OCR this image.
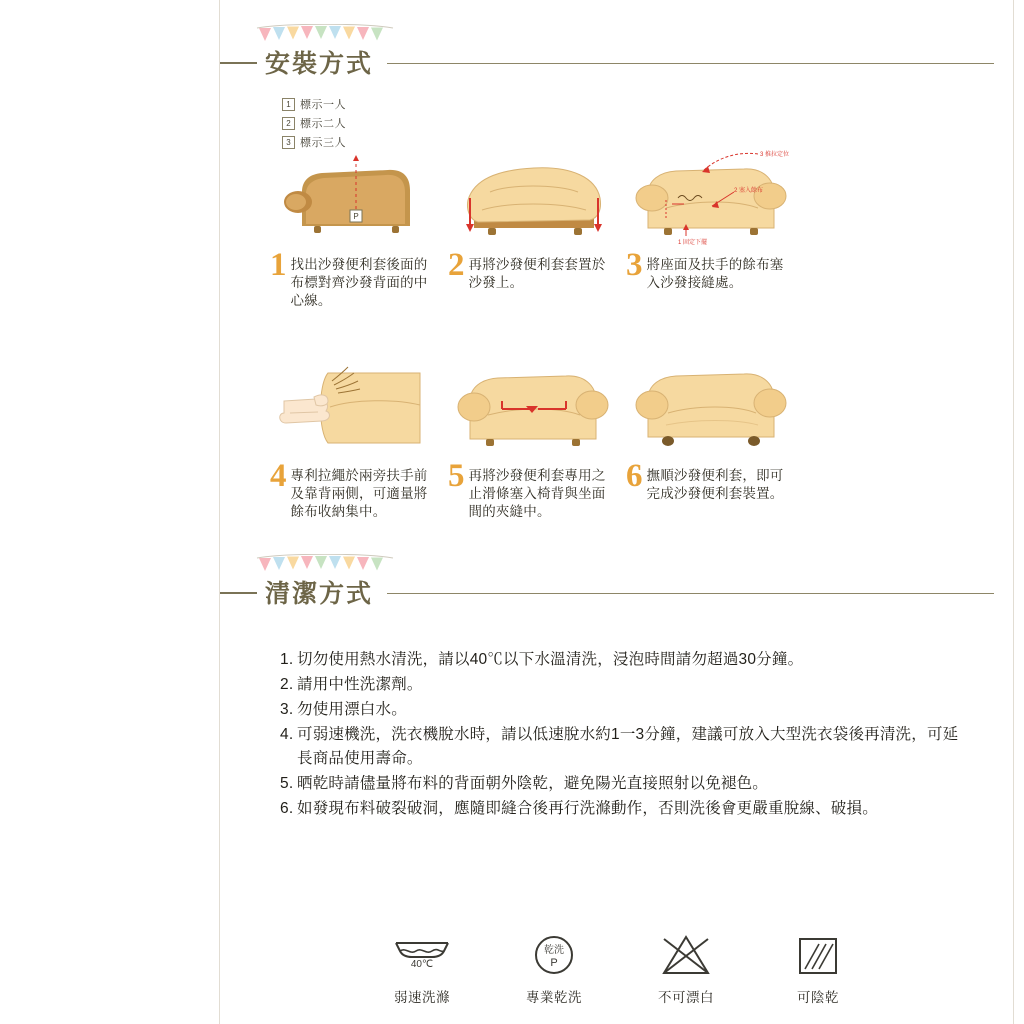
安裝方式
1 標示一人
2 標示二人
3 標示三人
P
1 找出沙發便利套後面的布標對齊沙發背面的中心線。
2 再將沙發便利套套置於沙發上。
3 推拉定位
2 塞入餘布
1 固定下擺
3 將座面及扶手的餘布塞入沙發接縫處。
4 專利拉繩於兩旁扶手前及靠背兩側，可適量將餘布收納集中。
5 再將沙發便利套專用之止滑條塞入椅背與坐面間的夾縫中。
6 撫順沙發便利套，即可完成沙發便利套裝置。
清潔方式
1. 切勿使用熱水清洗，請以40℃以下水溫清洗，浸泡時間請勿超過30分鐘。
2. 請用中性洗潔劑。
3. 勿使用漂白水。
4. 可弱速機洗，洗衣機脫水時，請以低速脫水約1一3分鐘，建議可放入大型洗衣袋後再清洗，可延長商品使用壽命。
5. 晒乾時請儘量將布料的背面朝外陰乾，避免陽光直接照射以免褪色。
6. 如發現布料破裂破洞，應隨即縫合後再行洗滌動作，否則洗後會更嚴重脫線、破損。
40℃
弱速洗滌
乾洗
P
專業乾洗	不可漂白	可陰乾
